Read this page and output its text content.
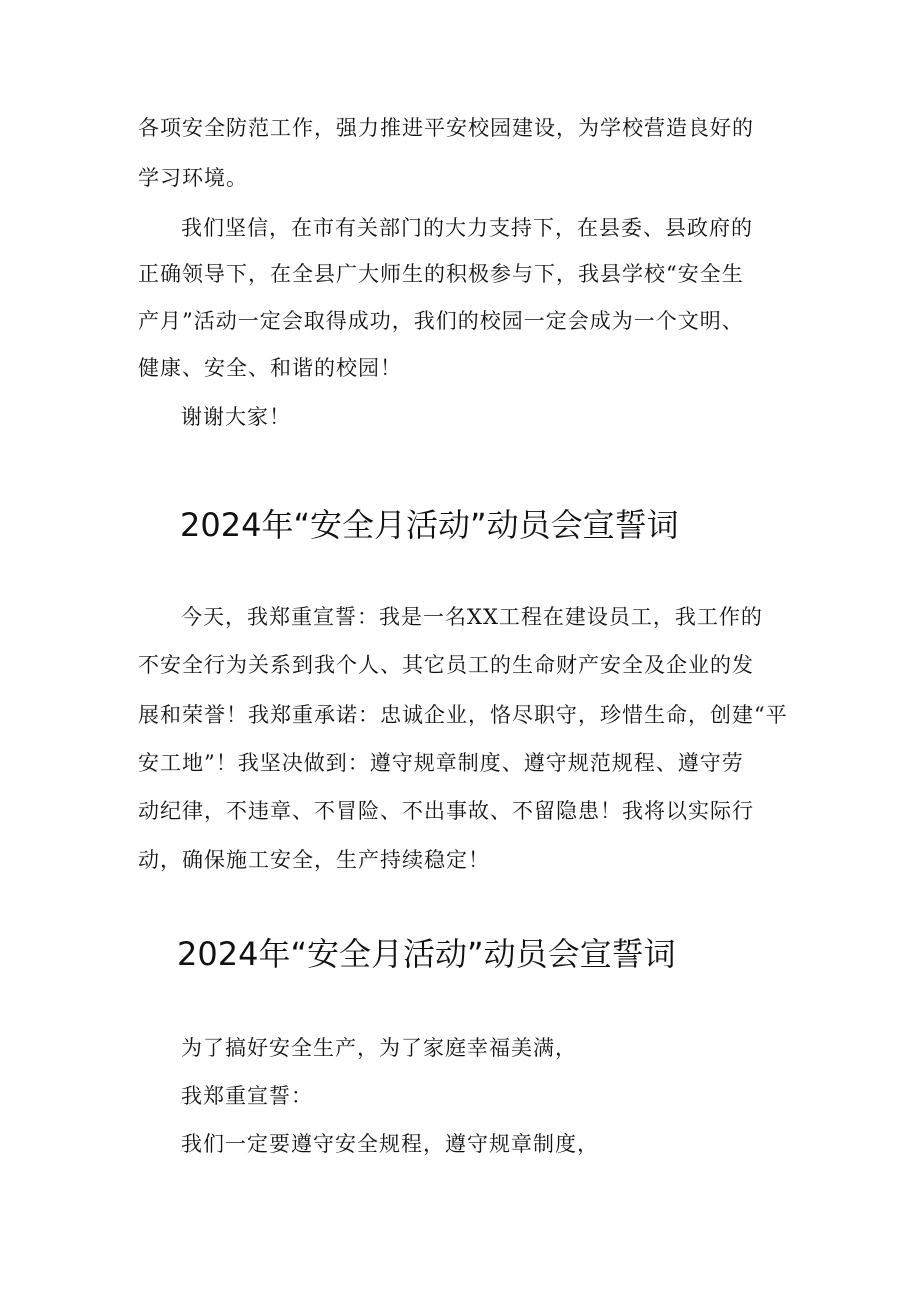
各项安全防范工作，强力推进平安校园建设，为学校营造良好的

学习环境。

我们坚信，在市有关部门的大力支持下，在县委、县政府的

正确领导下，在全县广大师生的积极参与下，我县学校“安全生

产月”活动一定会取得成功，我们的校园一定会成为一个文明、

健康、安全、和谐的校园！

谢谢大家！

2024年“安全月活动”动员会宣誓词

今天，我郑重宣誓：我是一名XX工程在建设员工，我工作的

不安全行为关系到我个人、其它员工的生命财产安全及企业的发

展和荣誉！我郑重承诺：忠诚企业，恪尽职守，珍惜生命，创建“平

安工地”！我坚决做到：遵守规章制度、遵守规范规程、遵守劳

动纪律，不违章、不冒险、不出事故、不留隐患！我将以实际行

动，确保施工安全，生产持续稳定！

2024年“安全月活动”动员会宣誓词

为了搞好安全生产，为了家庭幸福美满，

我郑重宣誓：

我们一定要遵守安全规程，遵守规章制度，
